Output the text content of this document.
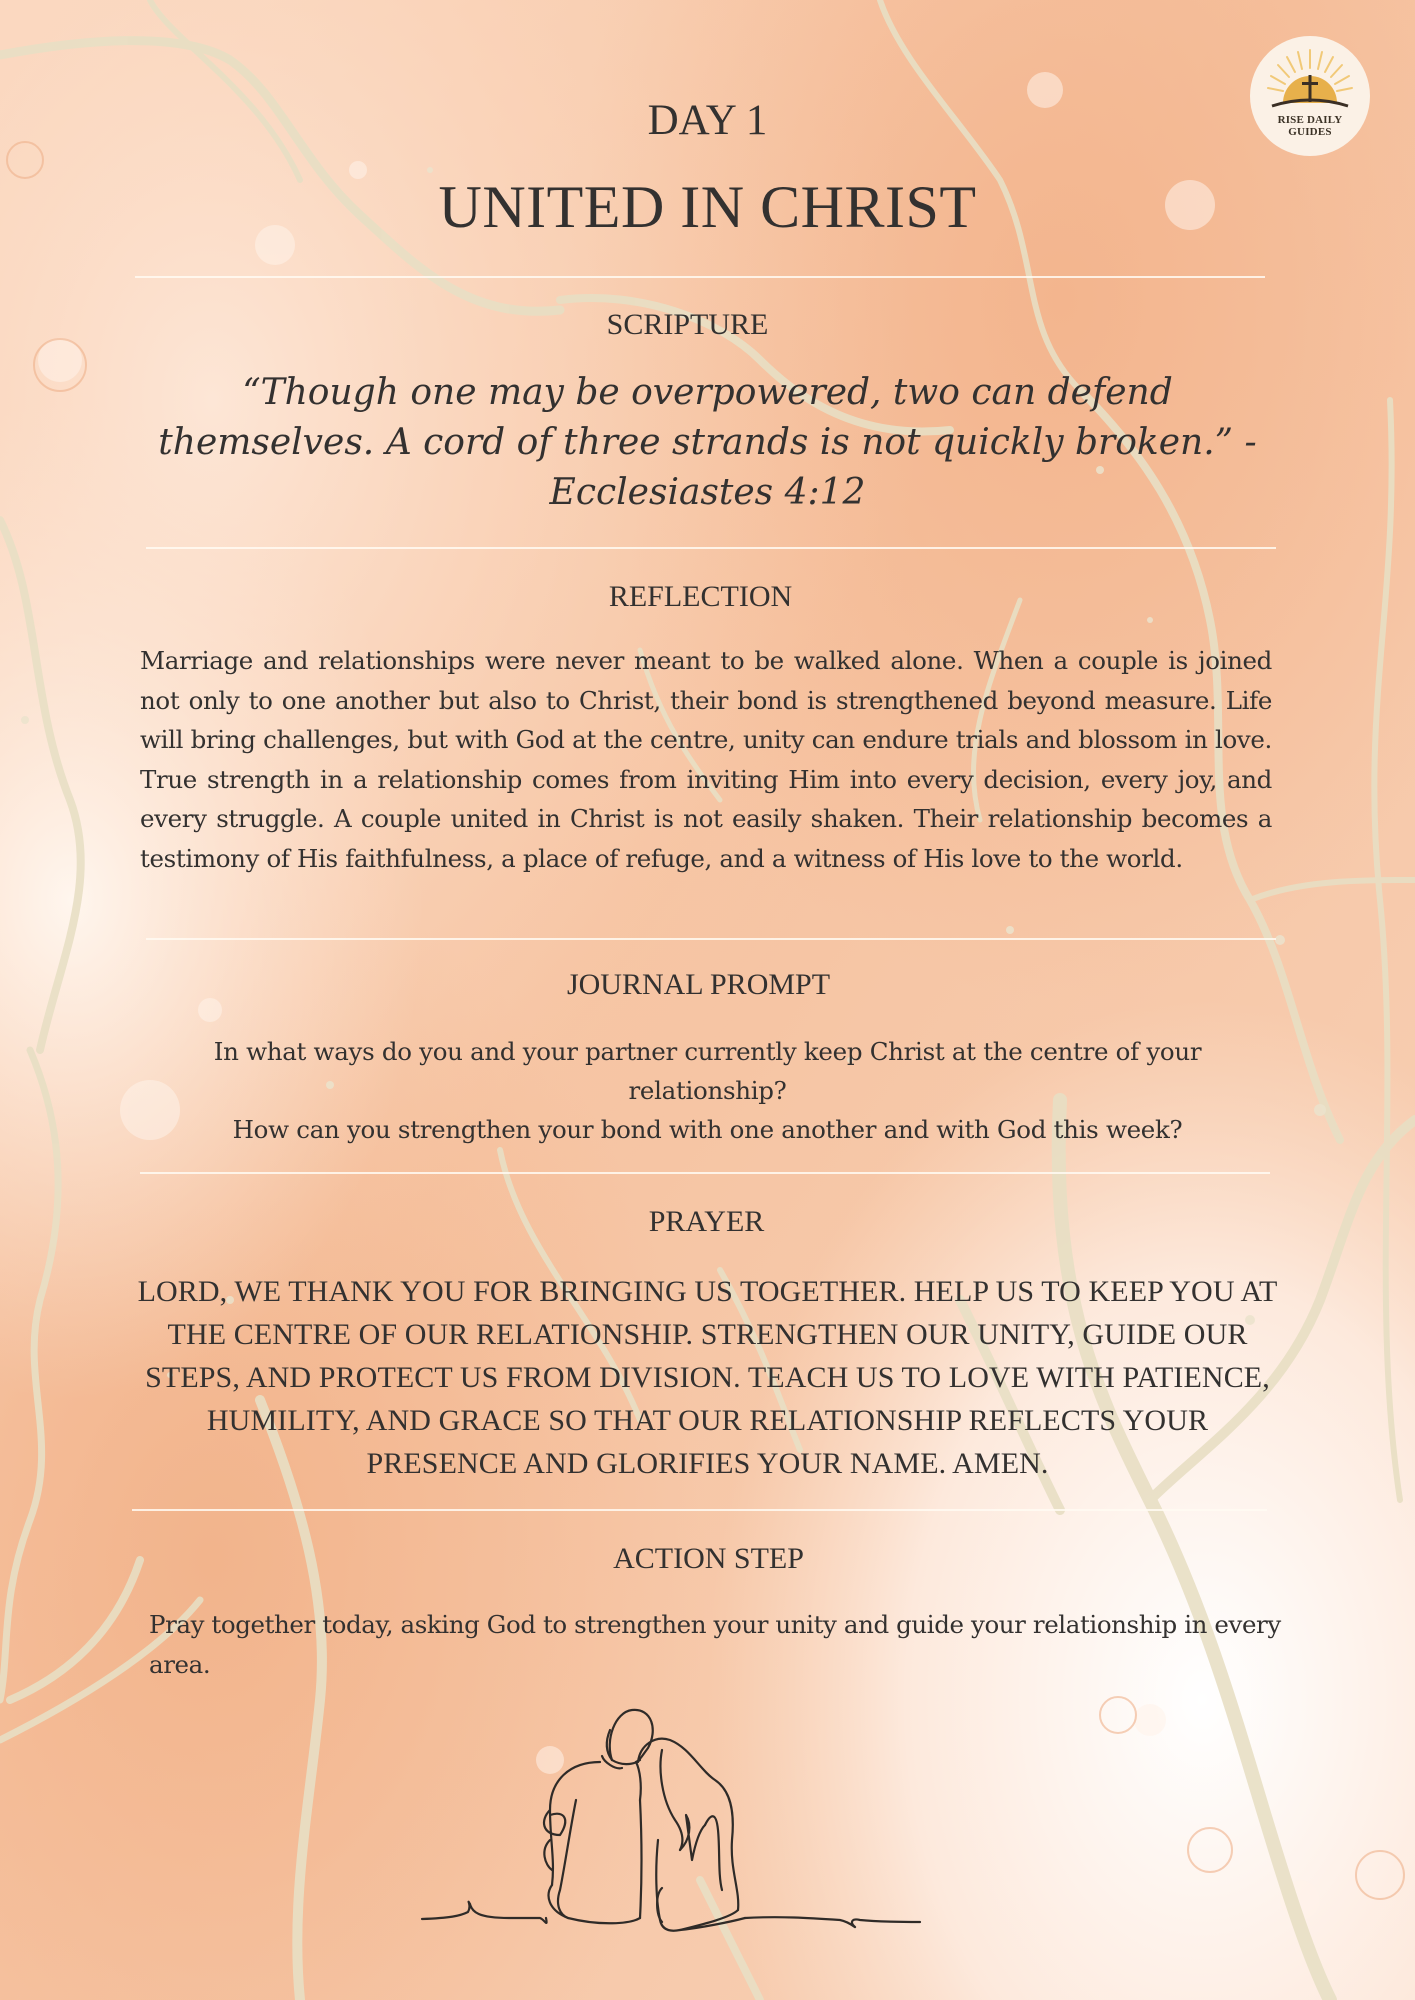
RISE DAILY
GUIDES
DAY 1
UNITED IN CHRIST
SCRIPTURE
“Though one may be overpowered, two can defend themselves. A cord of three strands is not quickly broken.” - Ecclesiastes 4:12
REFLECTION
Marriage and relationships were never meant to be walked alone. When a couple is joined not only to one another but also to Christ, their bond is strengthened beyond measure. Life will bring challenges, but with God at the centre, unity can endure trials and blossom in love. True strength in a relationship comes from inviting Him into every decision, every joy, and every struggle. A couple united in Christ is not easily shaken. Their relationship becomes a testimony of His faithfulness, a place of refuge, and a witness of His love to the world.
JOURNAL PROMPT

In what ways do you and your partner currently keep Christ at the centre of your relationship?

How can you strengthen your bond with one another and with God this week?

PRAYER
LORD, WE THANK YOU FOR BRINGING US TOGETHER. HELP US TO KEEP YOU AT THE CENTRE OF OUR RELATIONSHIP. STRENGTHEN OUR UNITY, GUIDE OUR STEPS, AND PROTECT US FROM DIVISION. TEACH US TO LOVE WITH PATIENCE, HUMILITY, AND GRACE SO THAT OUR RELATIONSHIP REFLECTS YOUR PRESENCE AND GLORIFIES YOUR NAME. AMEN.
ACTION STEP
Pray together today, asking God to strengthen your unity and guide your relationship in every area.
